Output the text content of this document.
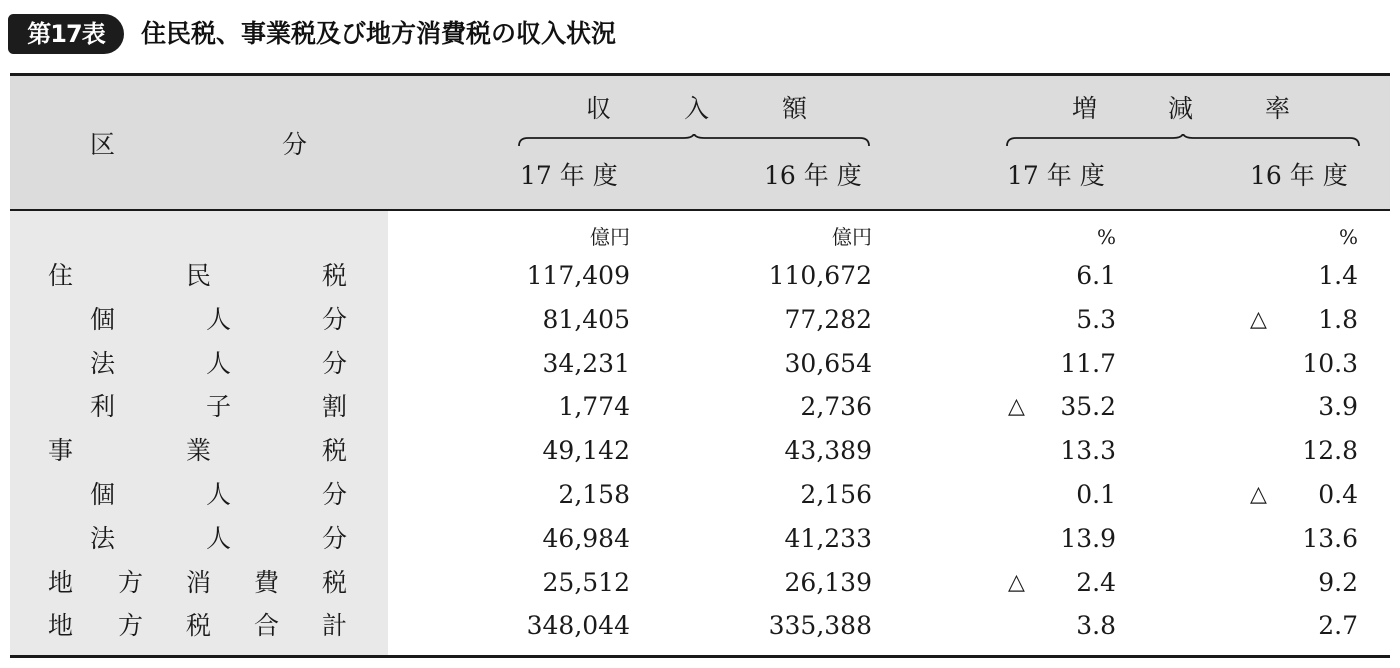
第17表	住民税、事業税及び地方消費税の収入状況
区	分
収	入	額	増	減	率
17 年 度	16 年 度	17 年 度	16 年 度
億円	億円	%	%
住	民	税	117,409	110,672	6.1	1.4
個	人	分	81,405	77,282	5.3	△	1.8
法	人	分	34,231	30,654	11.7	10.3
利	子	割	1,774	2,736	△	35.2	3.9
事	業	税	49,142	43,389	13.3	12.8
個	人	分	2,158	2,156	0.1	△	0.4
法	人	分	46,984	41,233	13.9	13.6
地 方 消 費 税	25,512	26,139	△	2.4	9.2
地 方 税 合 計	348,044	335,388	3.8	2.7
